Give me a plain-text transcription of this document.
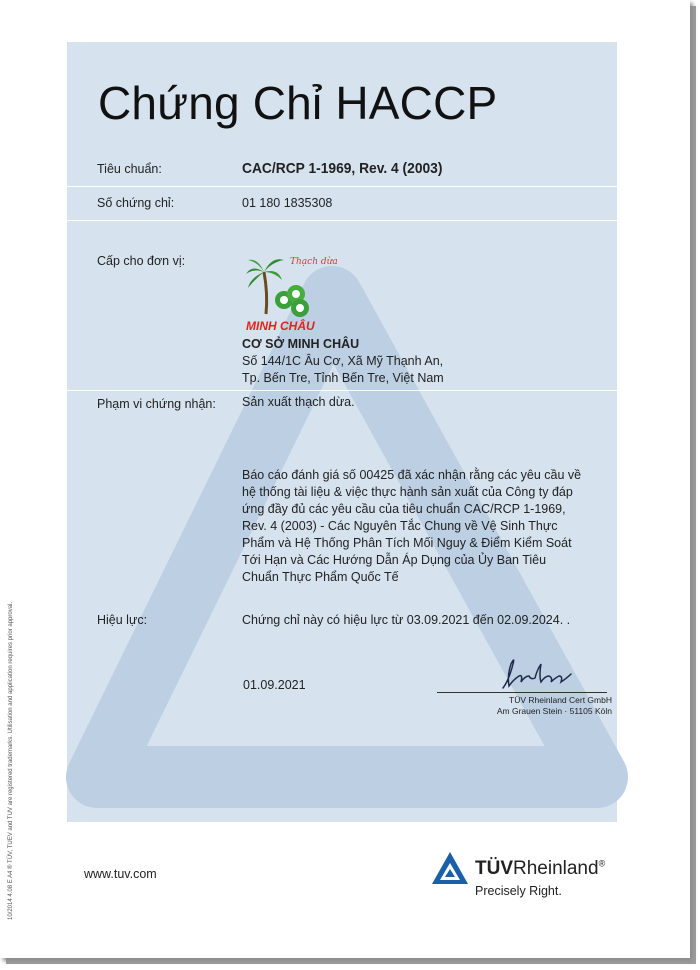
Chứng Chỉ HACCP
Tiêu chuẩn:	CAC/RCP 1-1969, Rev. 4 (2003)
Số chứng chỉ:	01 180 1835308
Cấp cho đơn vị:	Thạch dừa
MINH CHÂU
CƠ SỞ MINH CHÂU
Số 144/1C Âu Cơ, Xã Mỹ Thạnh An,
Tp. Bến Tre, Tỉnh Bến Tre, Việt Nam
Phạm vi chứng nhận: Sản xuất thạch dừa.
Báo cáo đánh giá số 00425 đã xác nhận rằng các yêu cầu về hệ thống tài liệu & việc thực hành sản xuất của Công ty đáp ứng đầy đủ các yêu cầu của tiêu chuẩn CAC/RCP 1-1969, Rev. 4 (2003) - Các Nguyên Tắc Chung về Vệ Sinh Thực Phẩm và Hệ Thống Phân Tích Mối Nguy & Điểm Kiểm Soát Tới Hạn và Các Hướng Dẫn Áp Dụng của Ủy Ban Tiêu Chuẩn Thực Phẩm Quốc Tế
Hiệu lực:	Chứng chỉ này có hiệu lực từ 03.09.2021 đến 02.09.2024. .
01.09.2021
TÜV Rheinland Cert GmbH
Am Grauen Stein · 51105 Köln
www.tuv.com	TÜVRheinland®
Precisely Right.
10/2014 4.08 E A4 ® TÜV, TUEV and TUV are registered trademarks. Utilisation and application requires prior approval.
